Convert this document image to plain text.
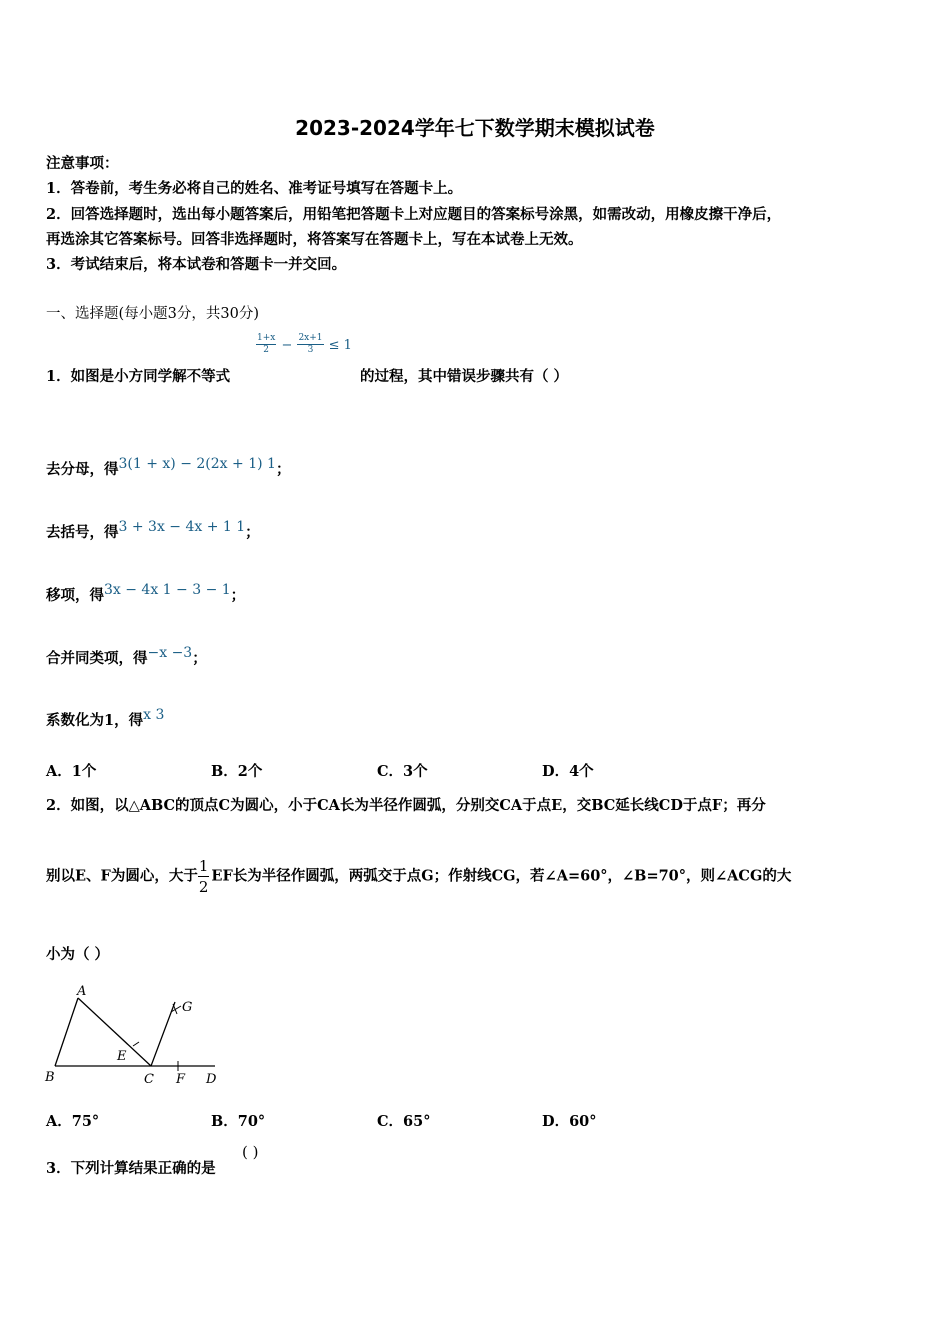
2023-2024学年七下数学期末模拟试卷
注意事项：
1．答卷前，考生务必将自己的姓名、准考证号填写在答题卡上。
2．回答选择题时，选出每小题答案后，用铅笔把答题卡上对应题目的答案标号涂黑，如需改动，用橡皮擦干净后，
再选涂其它答案标号。回答非选择题时，将答案写在答题卡上，写在本试卷上无效。
3．考试结束后，将本试卷和答题卡一并交回。
一、选择题(每小题3分，共30分)
$\frac{1+x}{2} - \frac{2x+1}{3} \le 1$
1．如图是小方同学解不等式	的过程，其中错误步骤共有（ ）
去分母，得3(1 + x) − 2(2x + 1) 1；
去括号，得3 + 3x − 4x + 1 1；
移项，得3x − 4x 1 − 3 − 1；
合并同类项，得−x −3；
系数化为1，得x 3
A．1个	B．2个	C．3个	D．4个
2．如图，以△ABC的顶点C为圆心，小于CA长为半径作圆弧，分别交CA于点E，交BC延长线CD于点F；再分
别以E、F为圆心，大于 $\frac{1}{2}$ EF长为半径作圆弧，两弧交于点G；作射线CG，若∠A=60°，∠B=70°，则∠ACG的大
小为（ ）
A
B	C	D
E
F
G
A．75°	B．70°	C．65°	D．60°
3．下列计算结果正确的是
( )
